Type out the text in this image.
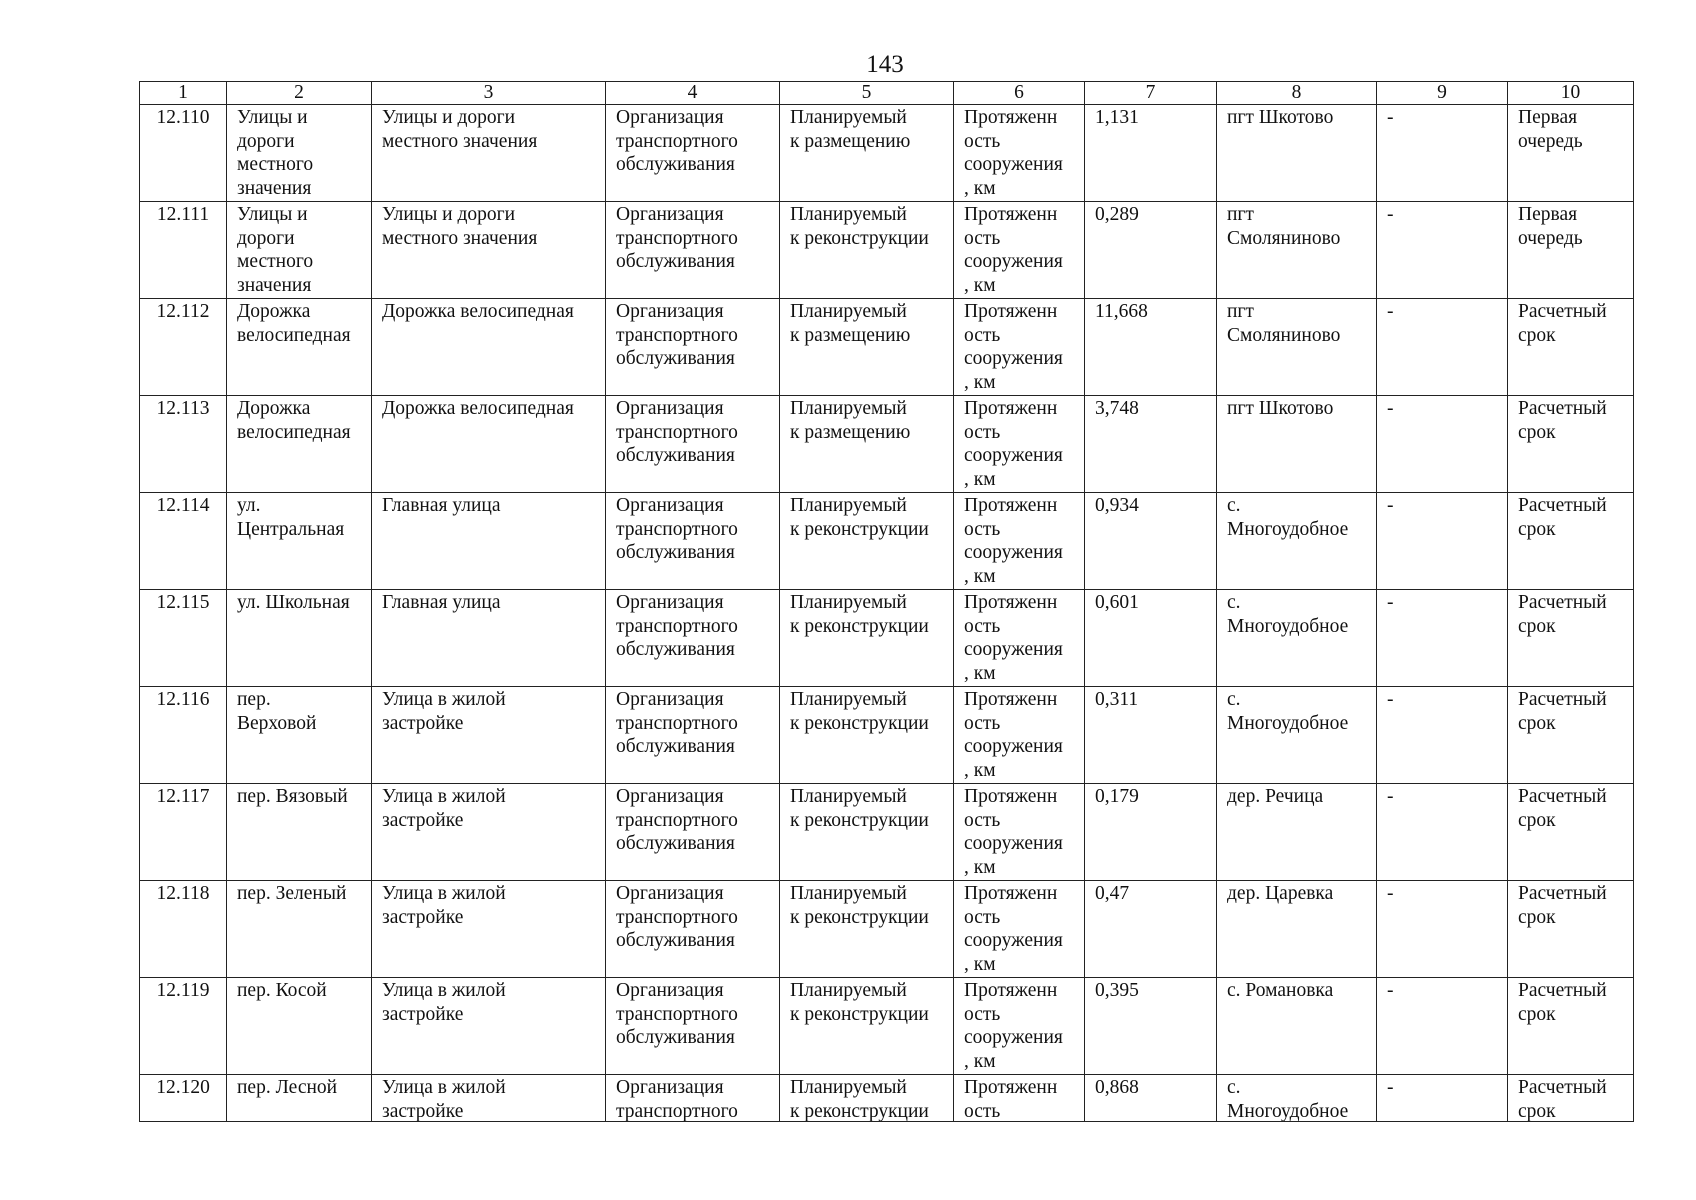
143
1	2	3	4	5	6	7	8	9	10

12.110	Улицы и
дороги
местного
значения	Улицы и дороги
местного значения	Организация
транспортного
обслуживания	Планируемый
к размещению	Протяженн
ость
сооружения
, км	1,131	пгт Шкотово	-	Первая
очередь

12.111	Улицы и
дороги
местного
значения	Улицы и дороги
местного значения	Организация
транспортного
обслуживания	Планируемый
к реконструкции	Протяженн
ость
сооружения
, км	0,289	пгт
Смоляниново	-	Первая
очередь

12.112	Дорожка
велосипедная	Дорожка велосипедная	Организация
транспортного
обслуживания	Планируемый
к размещению	Протяженн
ость
сооружения
, км	11,668	пгт
Смоляниново	-	Расчетный
срок

12.113	Дорожка
велосипедная	Дорожка велосипедная	Организация
транспортного
обслуживания	Планируемый
к размещению	Протяженн
ость
сооружения
, км	3,748	пгт Шкотово	-	Расчетный
срок

12.114	ул.
Центральная	Главная улица	Организация
транспортного
обслуживания	Планируемый
к реконструкции	Протяженн
ость
сооружения
, км	0,934	с.
Многоудобное	-	Расчетный
срок

12.115	ул. Школьная	Главная улица	Организация
транспортного
обслуживания	Планируемый
к реконструкции	Протяженн
ость
сооружения
, км	0,601	с.
Многоудобное	-	Расчетный
срок

12.116	пер.
Верховой	Улица в жилой
застройке	Организация
транспортного
обслуживания	Планируемый
к реконструкции	Протяженн
ость
сооружения
, км	0,311	с.
Многоудобное	-	Расчетный
срок

12.117	пер. Вязовый	Улица в жилой
застройке	Организация
транспортного
обслуживания	Планируемый
к реконструкции	Протяженн
ость
сооружения
, км	0,179	дер. Речица	-	Расчетный
срок

12.118	пер. Зеленый	Улица в жилой
застройке	Организация
транспортного
обслуживания	Планируемый
к реконструкции	Протяженн
ость
сооружения
, км	0,47	дер. Царевка	-	Расчетный
срок

12.119	пер. Косой	Улица в жилой
застройке	Организация
транспортного
обслуживания	Планируемый
к реконструкции	Протяженн
ость
сооружения
, км	0,395	с. Романовка	-	Расчетный
срок

12.120	пер. Лесной	Улица в жилой
застройке	Организация
транспортного	Планируемый
к реконструкции	Протяженн
ость	0,868	с.
Многоудобное	-	Расчетный
срок
